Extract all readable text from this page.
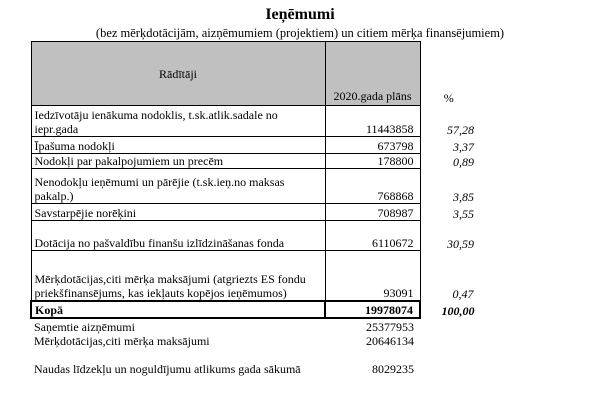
Ieņēmumi
(bez mērķdotācijām, aizņēmumiem (projektiem) un citiem mērķa finansējumiem)
Rādītāji	2020.gada plāns	%
Iedzīvotāju ienākuma nodoklis, t.sk.atlik.sadale no iepr.gada	11443858	57,28
Īpašuma nodokļi	673798	3,37
Nodokļi par pakalpojumiem un precēm	178800	0,89
Nenodokļu ieņēmumi un pārējie (t.sk.ieņ.no maksas pakalp.)	768868	3,85
Savstarpējie norēķini	708987	3,55
Dotācija no pašvaldību finanšu izlīdzināšanas fonda	6110672	30,59
Mērķdotācijas,citi mērķa maksājumi (atgriezts ES fondu priekšfinansējums, kas iekļauts kopējos ieņēmumos)	93091	0,47
Kopā	19978074	100,00
Saņemtie aizņēmumi	25377953	
Mērķdotācijas,citi mērķa maksājumi	20646134	
Naudas līdzekļu un noguldījumu atlikums gada sākumā	8029235	
